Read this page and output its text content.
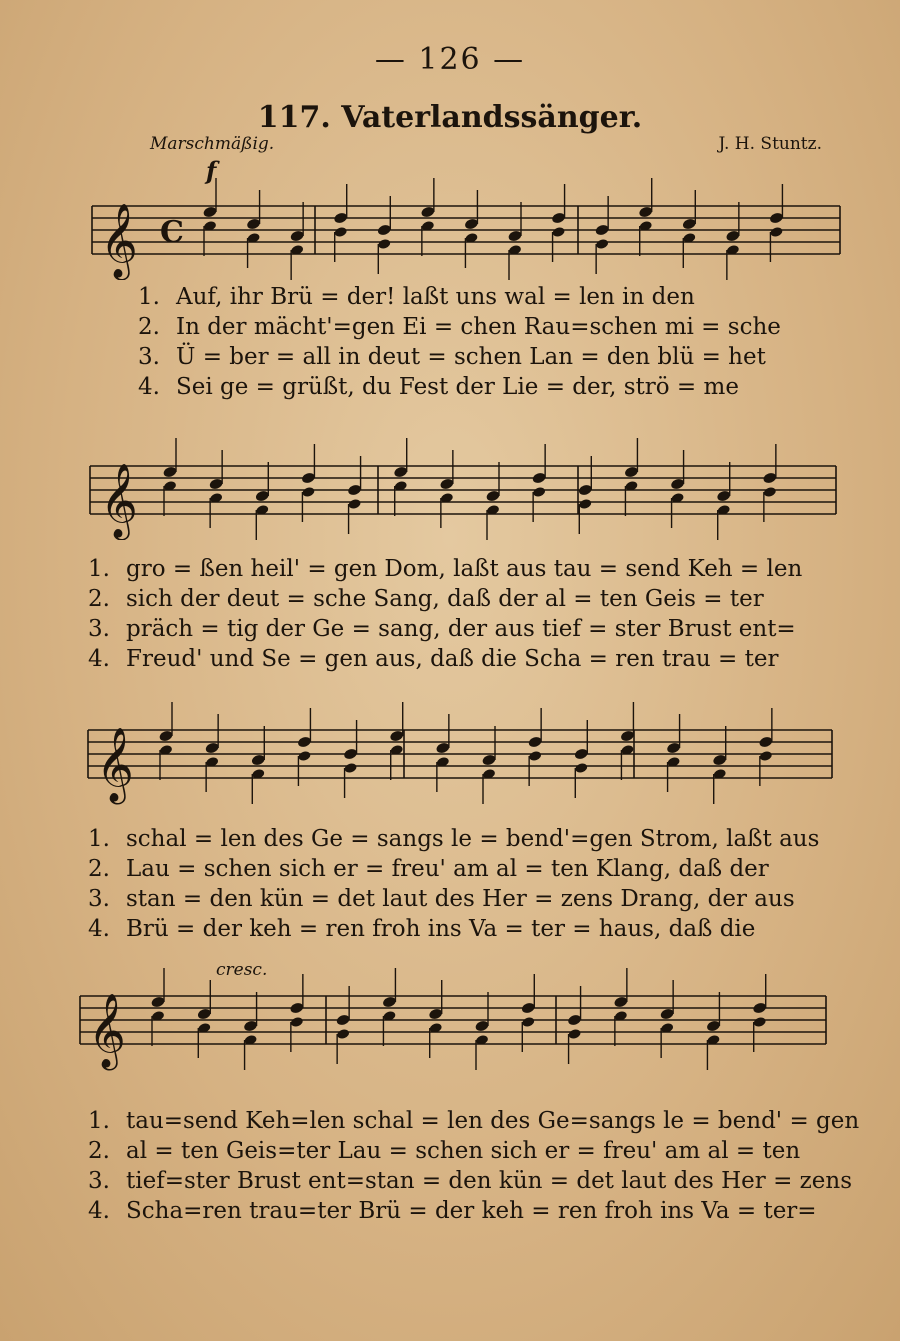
— 126 —
117. Vaterlandssänger.
Marschmäßig.	J. H. Stuntz.
f
𝄞 C
1. Auf, ihr Brü = der! laßt uns wal = len in den
2. In der mächt'=gen Ei = chen Rau=schen mi = sche
3. Ü = ber = all in deut = schen Lan = den blü = het
4. Sei ge = grüßt, du Fest der Lie = der, strö = me
𝄞
1. gro = ßen heil' = gen Dom, laßt aus tau = send Keh = len
2. sich der deut = sche Sang, daß der al = ten Geis = ter
3. präch = tig der Ge = sang, der aus tief = ster Brust ent=
4. Freud' und Se = gen aus, daß die Scha = ren trau = ter
𝄞
1. schal = len des Ge = sangs le = bend'=gen Strom, laßt aus
2. Lau = schen sich er = freu' am al = ten Klang, daß der
3. stan = den kün = det laut des Her = zens Drang, der aus
4. Brü = der keh = ren froh ins Va = ter = haus, daß die
cresc.
𝄞
1. tau=send Keh=len schal = len des Ge=sangs le = bend' = gen
2. al = ten Geis=ter Lau = schen sich er = freu' am al = ten
3. tief=ster Brust ent=stan = den kün = det laut des Her = zens
4. Scha=ren trau=ter Brü = der keh = ren froh ins Va = ter=
